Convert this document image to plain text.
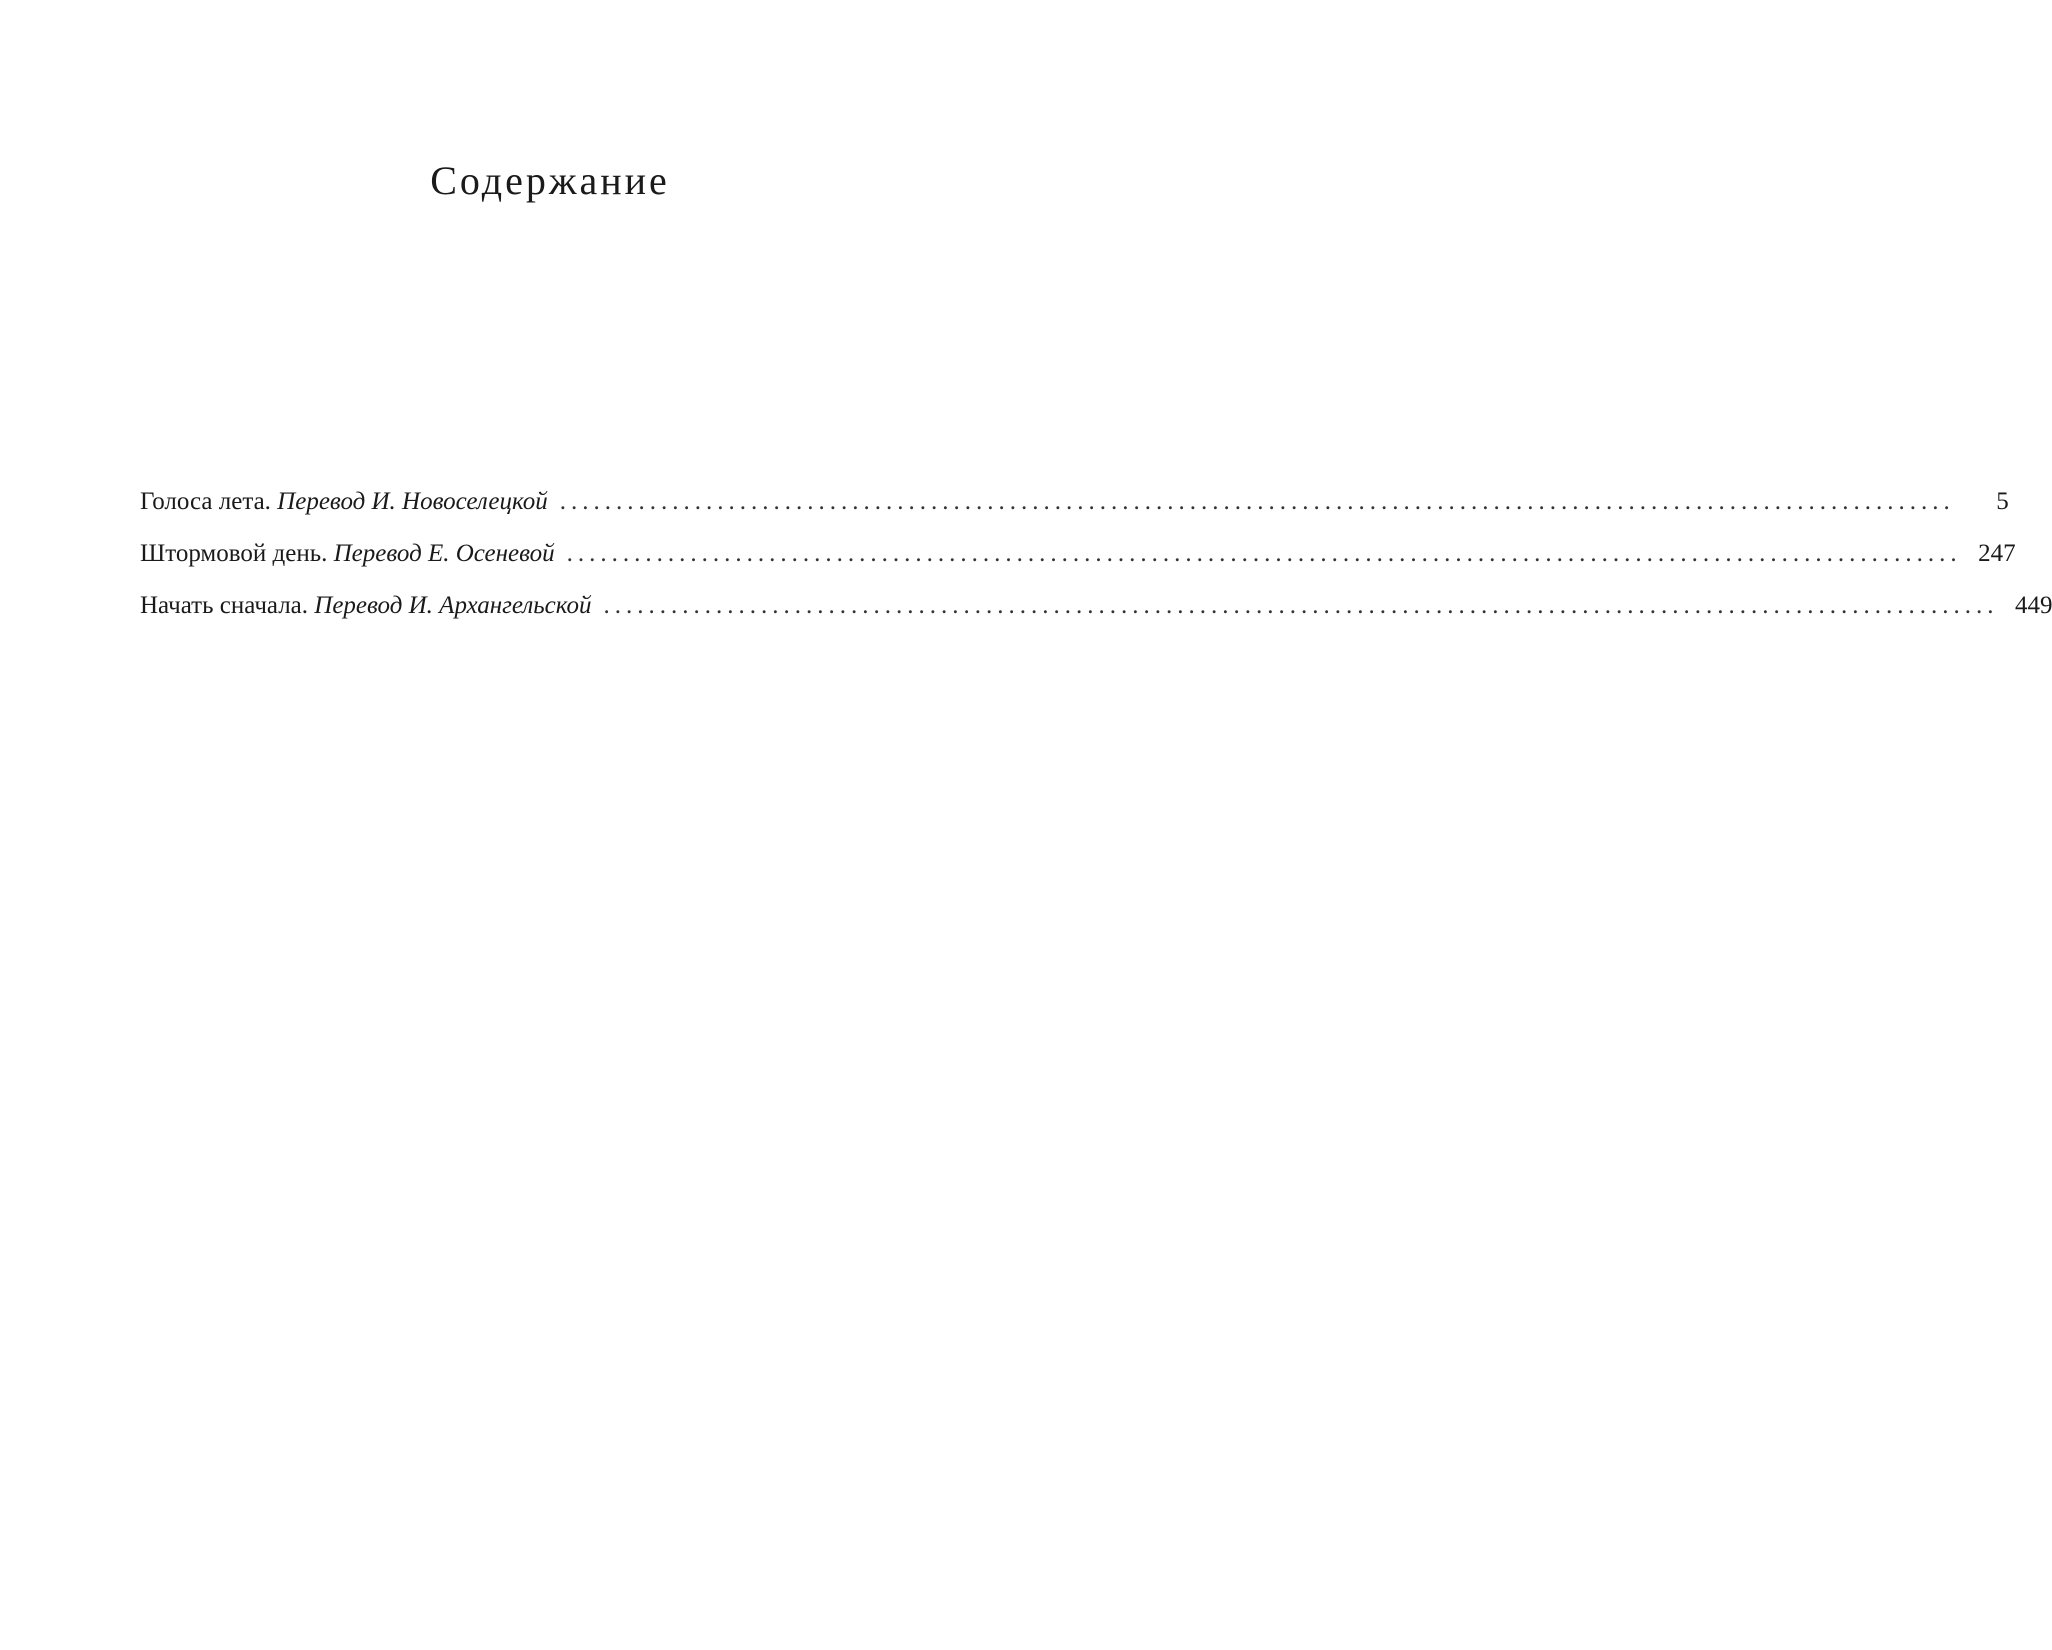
Содержание
Голоса лета.
Перевод И. Новоселецкой ............................................................................................................................	5
Штормовой день.
Перевод Е. Осеневой ............................................................................................................................ 247
Начать сначала.
Перевод И. Архангельской ............................................................................................................................ 449
